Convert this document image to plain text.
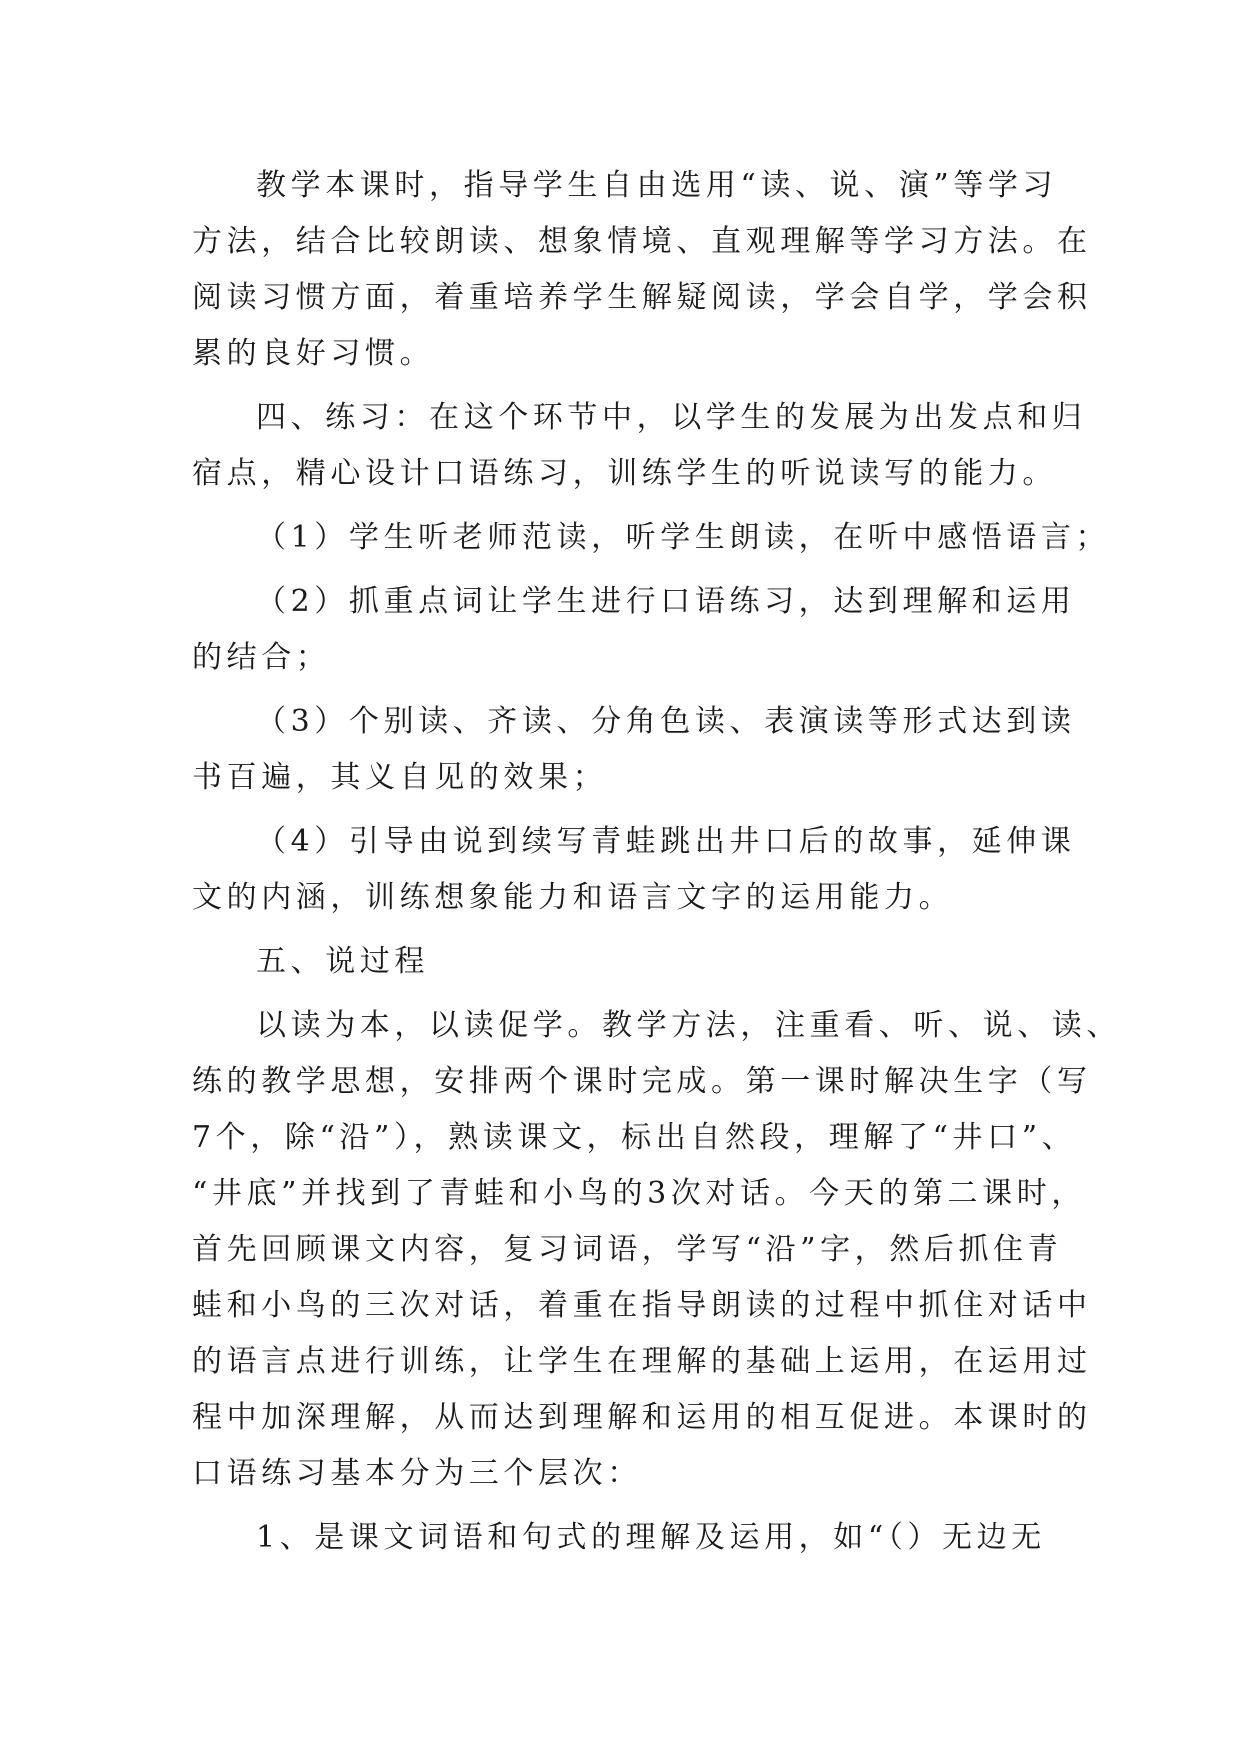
教学本课时，指导学生自由选用“读、说、演”等学习
方法，结合比较朗读、想象情境、直观理解等学习方法。在
阅读习惯方面，着重培养学生解疑阅读，学会自学，学会积
累的良好习惯。
四、练习：在这个环节中，以学生的发展为出发点和归
宿点，精心设计口语练习，训练学生的听说读写的能力。
（1）学生听老师范读，听学生朗读，在听中感悟语言；
（2）抓重点词让学生进行口语练习，达到理解和运用
的结合；
（3）个别读、齐读、分角色读、表演读等形式达到读
书百遍，其义自见的效果；
（4）引导由说到续写青蛙跳出井口后的故事，延伸课
文的内涵，训练想象能力和语言文字的运用能力。
五、说过程
以读为本，以读促学。教学方法，注重看、听、说、读、
练的教学思想，安排两个课时完成。第一课时解决生字（写
7个，除“沿”），熟读课文，标出自然段，理解了“井口”、
“井底”并找到了青蛙和小鸟的3次对话。今天的第二课时，
首先回顾课文内容，复习词语，学写“沿”字，然后抓住青
蛙和小鸟的三次对话，着重在指导朗读的过程中抓住对话中
的语言点进行训练，让学生在理解的基础上运用，在运用过
程中加深理解，从而达到理解和运用的相互促进。本课时的
口语练习基本分为三个层次：
1、是课文词语和句式的理解及运用，如“（）无边无
